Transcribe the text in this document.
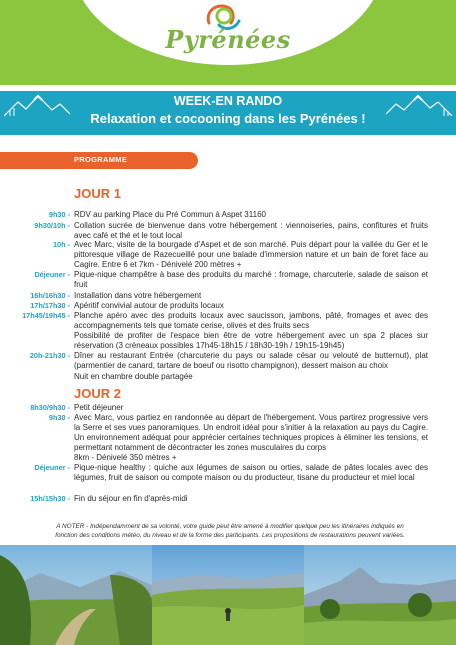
Pyrénées
WEEK-EN RANDO
Relaxation et cocooning dans les Pyrénées !
PROGRAMME
JOUR 1
9h30 - RDV au parking Place du Pré Commun à Aspet 31160
9h30/10h - Collation sucrée de bienvenue dans votre hébergement : viennoiseries, pains, confitures et fruits avec café et thé et le tout local
10h - Avec Marc, visite de la bourgade d'Aspet et de son marché. Puis départ pour la vallée du Ger et le pittoresque village de Razecueillé pour une balade d'immersion nature et un bain de foret face au Cagire. Entre 6 et 7km - Dénivelé 200 mètres +
Déjeuner - Pique-nique champêtre à base des produits du marché : fromage, charcuterie, salade de saison et fruit
16h/16h30 - Installation dans votre hébergement
17h/17h30 - Apéritif convivial autour de produits locaux
17h45/19h45 - Planche apéro avec des produits locaux avec saucisson, jambons, pâté, fromages et avec des accompagnements tels que tomate cerise, olives et des fruits secs
Possibilité de profiter de l'espace bien être de votre hébergement avec un spa 2 places sur réservation (3 créneaux possibles 17h45-18h15 / 18h30-19h / 19h15-19h45)
20h-21h30 - Dîner au restaurant Entrée (charcuterie du pays ou salade césar ou velouté de butternut), plat (parmentier de canard, tartare de boeuf ou risotto champignon), dessert maison au choix
Nuit en chambre double partagée
JOUR 2
8h30/9h30 - Petit déjeuner
9h30 - Avec Marc, vous partiez en randonnée au départ de l'hébergement. Vous partirez progressive vers la Serre et ses vues panoramiques. Un endroit idéal pour s'initier à la relaxation au pays du Cagire. Un environnement adéquat pour apprécier certaines techniques propices à éliminer les tensions, et permettant notamment de décontracter les zones musculaires du corps
8km - Dénivelé 350 mètres +
Déjeuner - Pique-nique healthy : quiche aux légumes de saison ou orties, salade de pâtes locales avec des légumes, fruit de saison ou compote maison ou du producteur, tisane du producteur et miel local
15h/15h30 - Fin du séjour en fin d'après-midi
A NOTER - Indépendamment de sa volonté, votre guide peut être amené à modifier quelque peu les itinéraires indiqués en fonction des conditions météo, du niveau et de la forme des participants. Les propositions de restaurations peuvent variées.
